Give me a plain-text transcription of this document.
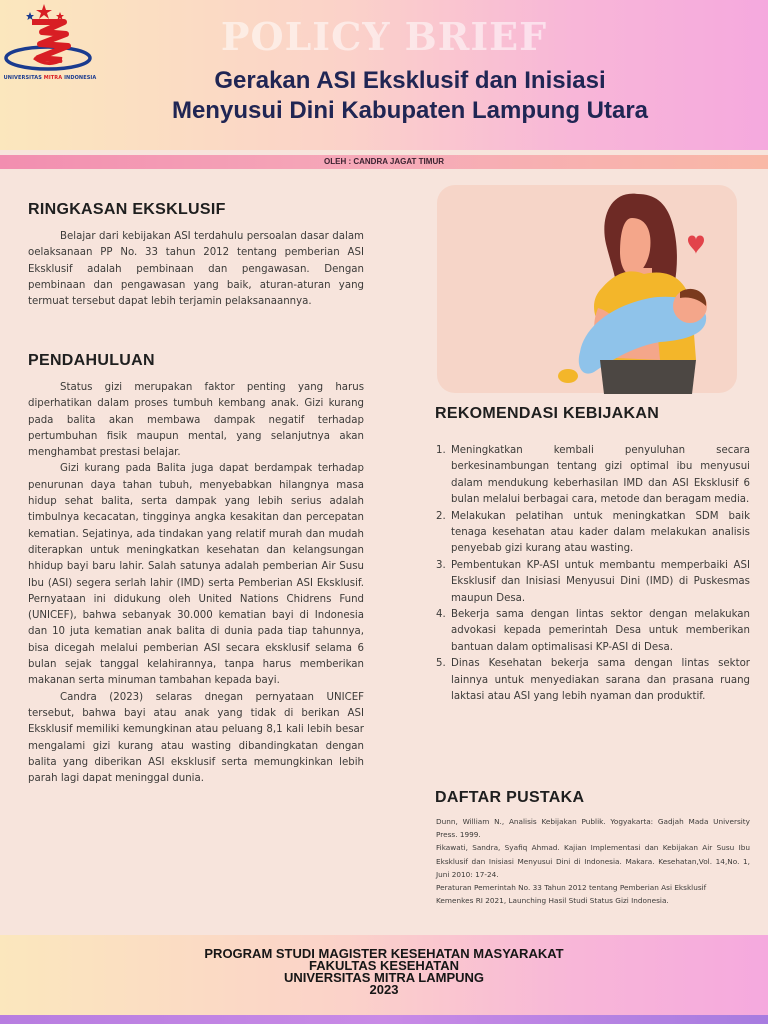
UNIVERSITAS MITRA INDONESIA
POLICY BRIEF
Gerakan ASI Eksklusif dan Inisiasi
Menyusui Dini Kabupaten Lampung Utara
OLEH : CANDRA JAGAT TIMUR
RINGKASAN EKSKLUSIF

Belajar dari kebijakan ASI terdahulu persoalan dasar dalam oelaksanaan PP No. 33 tahun 2012 tentang pemberian ASI Eksklusif adalah pembinaan dan pengawasan. Dengan pembinaan dan pengawasan yang baik, aturan-aturan yang termuat tersebut dapat lebih terjamin pelaksanaannya.

PENDAHULUAN

Status gizi merupakan faktor penting yang harus diperhatikan dalam proses tumbuh kembang anak. Gizi kurang pada balita akan membawa dampak negatif terhadap pertumbuhan fisik maupun mental, yang selanjutnya akan menghambat prestasi belajar.

Gizi kurang pada Balita juga dapat berdampak terhadap penurunan daya tahan tubuh, menyebabkan hilangnya masa hidup sehat balita, serta dampak yang lebih serius adalah timbulnya kecacatan, tingginya angka kesakitan dan percepatan kematian. Sejatinya, ada tindakan yang relatif murah dan mudah diterapkan untuk meningkatkan kesehatan dan kelangsungan hhidup bayi baru lahir. Salah satunya adalah pemberian Air Susu Ibu (ASI) segera serlah lahir (IMD) serta Pemberian ASI Eksklusif. Pernyataan ini didukung oleh United Nations Chidrens Fund (UNICEF), bahwa sebanyak 30.000 kematian bayi di Indonesia dan 10 juta kematian anak balita di dunia pada tiap tahunnya, bisa dicegah melalui pemberian ASI secara eksklusif selama 6 bulan sejak tanggal kelahirannya, tanpa harus memberikan makanan serta minuman tambahan kepada bayi.

Candra (2023) selaras dnegan pernyataan UNICEF tersebut, bahwa bayi atau anak yang tidak di berikan ASI Eksklusif memiliki kemungkinan atau peluang 8,1 kali lebih besar mengalami gizi kurang atau wasting dibandingkatan dengan balita yang diberikan ASI eksklusif serta memungkinkan lebih parah lagi dapat meninggal dunia.

REKOMENDASI KEBIJAKAN
1. Meningkatkan kembali penyuluhan secara berkesinambungan tentang gizi optimal ibu menyusui dalam mendukung keberhasilan IMD dan ASI Eksklusif 6 bulan melalui berbagai cara, metode dan beragam media.
2. Melakukan pelatihan untuk meningkatkan SDM baik tenaga kesehatan atau kader dalam melakukan analisis penyebab gizi kurang atau wasting.
3. Pembentukan KP-ASI untuk membantu memperbaiki ASI Eksklusif dan Inisiasi Menyusui Dini (IMD) di Puskesmas maupun Desa.
4. Bekerja sama dengan lintas sektor dengan melakukan advokasi kepada pemerintah Desa untuk memberikan bantuan dalam optimalisasi KP-ASI di Desa.
5. Dinas Kesehatan bekerja sama dengan lintas sektor lainnya untuk menyediakan sarana dan prasana ruang laktasi atau ASI yang lebih nyaman dan produktif.
DAFTAR PUSTAKA
Dunn, William N., Analisis Kebijakan Publik. Yogyakarta: Gadjah Mada University Press. 1999.
Fikawati, Sandra, Syafiq Ahmad. Kajian Implementasi dan Kebijakan Air Susu Ibu Eksklusif dan Inisiasi Menyusui Dini di Indonesia. Makara. Kesehatan,Vol. 14,No. 1, Juni 2010: 17-24.
Peraturan Pemerintah No. 33 Tahun 2012 tentang Pemberian Asi Eksklusif
Kemenkes RI 2021, Launching Hasil Studi Status Gizi Indonesia.
PROGRAM STUDI MAGISTER KESEHATAN MASYARAKAT
FAKULTAS KESEHATAN
UNIVERSITAS MITRA LAMPUNG
2023
